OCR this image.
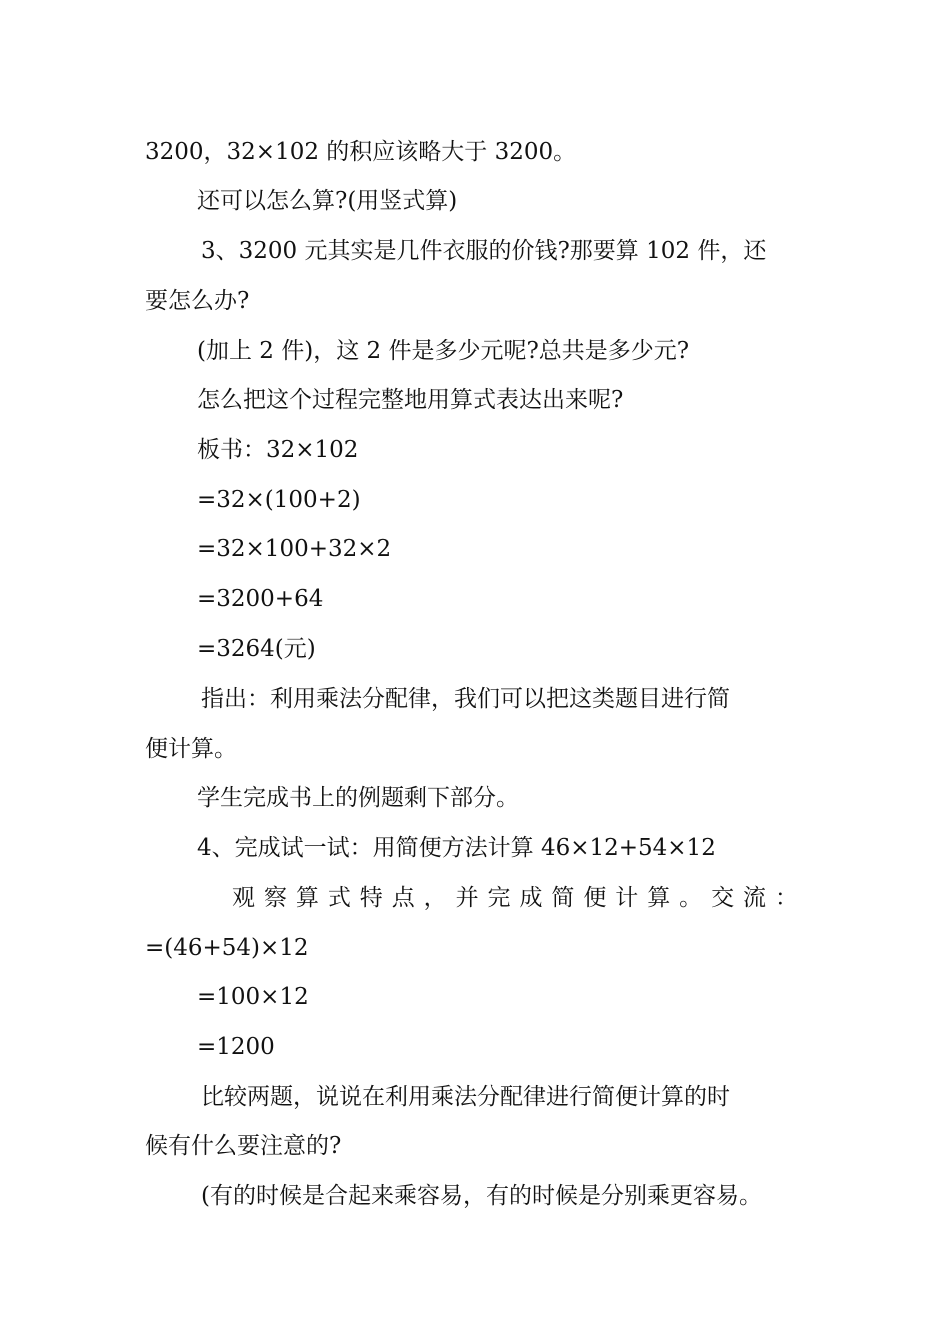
3200，32×102 的积应该略大于 3200。
还可以怎么算?(用竖式算)
3、3200 元其实是几件衣服的价钱?那要算 102 件，还
要怎么办?
(加上 2 件)，这 2 件是多少元呢?总共是多少元?
怎么把这个过程完整地用算式表达出来呢?
板书：32×102
=32×(100+2)
=32×100+32×2
=3200+64
=3264(元)
指出：利用乘法分配律，我们可以把这类题目进行简
便计算。
学生完成书上的例题剩下部分。
4、完成试一试：用简便方法计算 46×12+54×12
观 察 算 式 特 点 ， 并 完 成 简 便 计 算 。 交 流 ：
=(46+54)×12
=100×12
=1200
比较两题，说说在利用乘法分配律进行简便计算的时
候有什么要注意的?
(有的时候是合起来乘容易，有的时候是分别乘更容易。
